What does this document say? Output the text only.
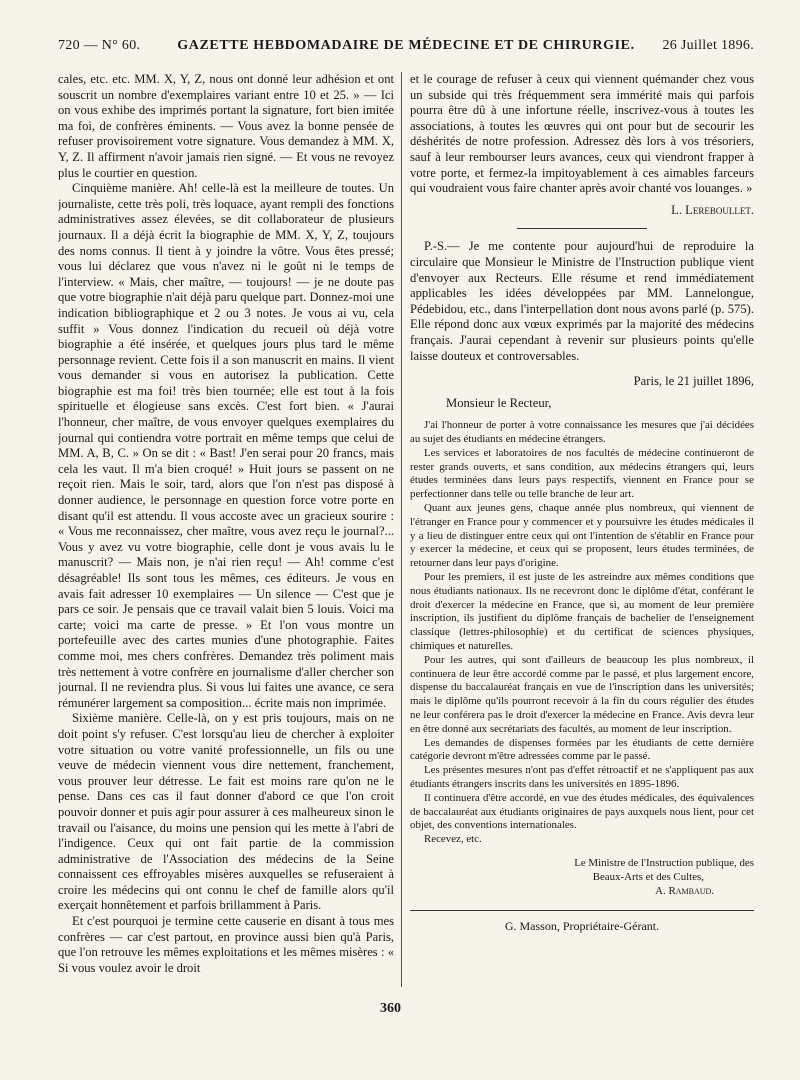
720 — N° 60.	GAZETTE HEBDOMADAIRE DE MÉDECINE ET DE CHIRURGIE.	26 Juillet 1896.

cales, etc. etc. MM. X, Y, Z, nous ont donné leur adhésion et ont souscrit un nombre d'exemplaires variant entre 10 et 25. » — Ici on vous exhibe des imprimés portant la signature, fort bien imitée ma foi, de confrères éminents. — Vous avez la bonne pensée de refuser provisoirement votre signature. Vous demandez à MM. X, Y, Z. Il affirment n'avoir jamais rien signé. — Et vous ne revoyez plus le courtier en question.

Cinquième manière. Ah! celle-là est la meilleure de toutes. Un journaliste, cette très poli, très loquace, ayant rempli des fonctions administratives assez élevées, se dit collaborateur de plusieurs journaux. Il a déjà écrit la biographie de MM. X, Y, Z, toujours des noms connus. Il tient à y joindre la vôtre. Vous êtes pressé; vous lui déclarez que vous n'avez ni le goût ni le temps de l'interview. « Mais, cher maître, — toujours! — je ne doute pas que votre biographie n'ait déjà paru quelque part. Donnez-moi une indication bibliographique et 2 ou 3 notes. Je vous ai vu, cela suffit » Vous donnez l'indication du recueil où déjà votre biographie a été insérée, et quelques jours plus tard le même personnage revient. Cette fois il a son manuscrit en mains. Il vient vous demander si vous en autorisez la publication. Cette biographie est ma foi! très bien tournée; elle est tout à la fois spirituelle et élogieuse sans excès. C'est fort bien. « J'aurai l'honneur, cher maître, de vous envoyer quelques exemplaires du journal qui contiendra votre portrait en même temps que celui de MM. A, B, C. » On se dit : « Bast! J'en serai pour 20 francs, mais cela les vaut. Il m'a bien croqué! » Huit jours se passent on ne reçoit rien. Mais le soir, tard, alors que l'on n'est pas disposé à donner audience, le personnage en question force votre porte en disant qu'il est attendu. Il vous accoste avec un gracieux sourire : « Vous me reconnaissez, cher maître, vous avez reçu le journal?... Vous y avez vu votre biographie, celle dont je vous avais lu le manuscrit? — Mais non, je n'ai rien reçu! — Ah! comme c'est désagréable! Ils sont tous les mêmes, ces éditeurs. Je vous en avais fait adresser 10 exemplaires — Un silence — C'est que je pars ce soir. Je pensais que ce travail valait bien 5 louis. Voici ma carte; voici ma carte de presse. » Et l'on vous montre un portefeuille avec des cartes munies d'une photographie. Faites comme moi, mes chers confrères. Demandez très poliment mais très nettement à votre confrère en journalisme d'aller chercher son journal. Il ne reviendra plus. Si vous lui faites une avance, ce sera rémunérer largement sa composition... écrite mais non imprimée.

Sixième manière. Celle-là, on y est pris toujours, mais on ne doit point s'y refuser. C'est lorsqu'au lieu de chercher à exploiter votre situation ou votre vanité professionnelle, un fils ou une veuve de médecin viennent vous dire nettement, franchement, vous prouver leur détresse. Le fait est moins rare qu'on ne le pense. Dans ces cas il faut donner d'abord ce que l'on croit pouvoir donner et puis agir pour assurer à ces malheureux sinon le travail ou l'aisance, du moins une pension qui les mette à l'abri de l'indigence. Ceux qui ont fait partie de la commission administrative de l'Association des médecins de la Seine connaissent ces effroyables misères auxquelles se refuseraient à croire les médecins qui ont connu le chef de famille alors qu'il exerçait honnêtement et parfois brillamment à Paris.

Et c'est pourquoi je termine cette causerie en disant à tous mes confrères — car c'est partout, en province aussi bien qu'à Paris, que l'on retrouve les mêmes exploitations et les mêmes misères : « Si vous voulez avoir le droit

et le courage de refuser à ceux qui viennent quémander chez vous un subside qui très fréquemment sera immérité mais qui parfois pourra être dû à une infortune réelle, inscrivez-vous à toutes les associations, à toutes les œuvres qui ont pour but de secourir les déshérités de notre profession. Adressez dès lors à vos trésoriers, sauf à leur rembourser leurs avances, ceux qui viendront frapper à votre porte, et fermez-la impitoyablement à ces aimables farceurs qui voudraient vous faire chanter après avoir chanté vos louanges. »

L. Lereboullet.

P.-S.— Je me contente pour aujourd'hui de reproduire la circulaire que Monsieur le Ministre de l'Instruction publique vient d'envoyer aux Recteurs. Elle résume et rend immédiatement applicables les idées développées par MM. Lannelongue, Pédebidou, etc., dans l'interpellation dont nous avons parlé (p. 575). Elle répond donc aux vœux exprimés par la majorité des médecins français. J'aurai cependant à revenir sur plusieurs points qu'elle laisse douteux et controversables.

Paris, le 21 juillet 1896,
Monsieur le Recteur,

J'ai l'honneur de porter à votre connaissance les mesures que j'ai décidées au sujet des étudiants en médecine étrangers.

Les services et laboratoires de nos facultés de médecine continueront de rester grands ouverts, et sans condition, aux médecins étrangers qui, leurs études terminées dans leurs pays respectifs, viennent en France pour se perfectionner dans telle ou telle branche de leur art.

Quant aux jeunes gens, chaque année plus nombreux, qui viennent de l'étranger en France pour y commencer et y poursuivre les études médicales il y a lieu de distinguer entre ceux qui ont l'intention de s'établir en France pour y exercer la médecine, et ceux qui se proposent, leurs études terminées, de retourner dans leur pays d'origine.

Pour les premiers, il est juste de les astreindre aux mêmes conditions que nous étudiants nationaux. Ils ne recevront donc le diplôme d'état, conférant le droit d'exercer la médecine en France, que si, au moment de leur première inscription, ils justifient du diplôme français de bachelier de l'enseignement classique (lettres-philosophie) et du certificat de sciences physiques, chimiques et naturelles.

Pour les autres, qui sont d'ailleurs de beaucoup les plus nombreux, il continuera de leur être accordé comme par le passé, et plus largement encore, dispense du baccalauréat français en vue de l'inscription dans les universités; mais le diplôme qu'ils pourront recevoir à la fin du cours régulier des études ne leur conférera pas le droit d'exercer la médecine en France. Avis devra leur en être donné aux secrétariats des facultés, au moment de leur inscription.

Les demandes de dispenses formées par les étudiants de cette dernière catégorie devront m'être adressées comme par le passé.

Les présentes mesures n'ont pas d'effet rétroactif et ne s'appliquent pas aux étudiants étrangers inscrits dans les universités en 1895-1896.

Il continuera d'être accordé, en vue des études médicales, des équivalences de baccalauréat aux étudiants originaires de pays auxquels nous lient, pour cet objet, des conventions internationales.

Recevez, etc.

Le Ministre de l'Instruction publique, des
Beaux-Arts et des Cultes,
A. Rambaud.
G. Masson, Propriétaire-Gérant.
360
